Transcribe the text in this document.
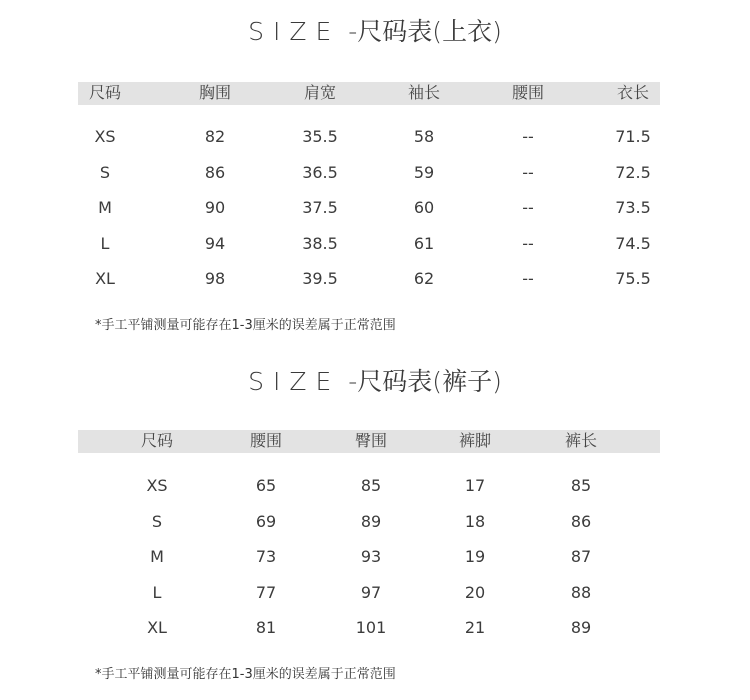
SIZE -尺码表(上衣)
*手工平铺测量可能存在1-3厘米的误差属于正常范围
SIZE -尺码表(裤子)
*手工平铺测量可能存在1-3厘米的误差属于正常范围
尺码	胸围	肩宽	袖长	腰围	衣长
XS	82	35.5	58	--	71.5
S	86	36.5	59	--	72.5
M	90	37.5	60	--	73.5
L	94	38.5	61	--	74.5
XL	98	39.5	62	--	75.5
尺码	腰围	臀围	裤脚	裤长
XS	65	85	17	85
S	69	89	18	86
M	73	93	19	87
L	77	97	20	88
XL	81	101	21	89
